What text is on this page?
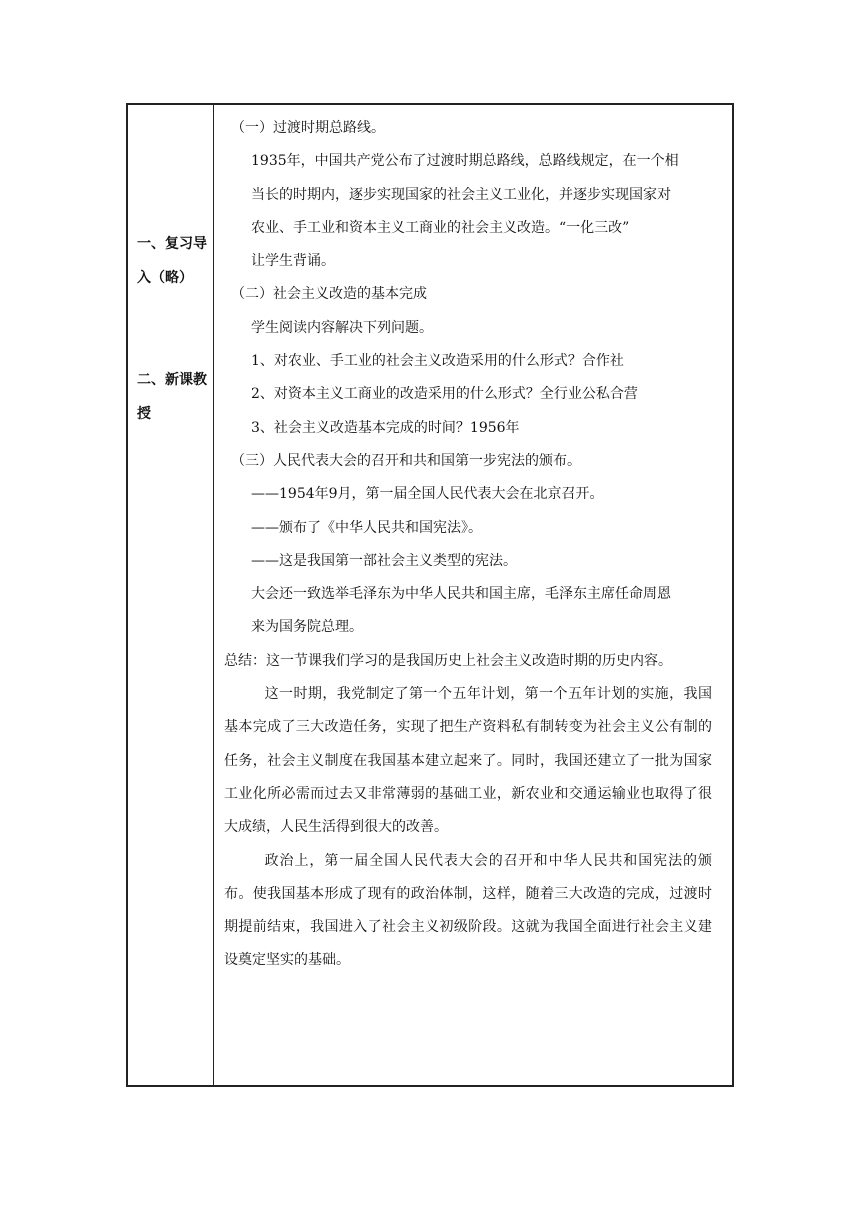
一、复习导入（略）
二、新课教授
（一）过渡时期总路线。
1935年，中国共产党公布了过渡时期总路线，总路线规定，在一个相
当长的时期内，逐步实现国家的社会主义工业化，并逐步实现国家对
农业、手工业和资本主义工商业的社会主义改造。“一化三改”
让学生背诵。
（二）社会主义改造的基本完成
学生阅读内容解决下列问题。
1、对农业、手工业的社会主义改造采用的什么形式？合作社
2、对资本主义工商业的改造采用的什么形式？全行业公私合营
3、社会主义改造基本完成的时间？1956年
（三）人民代表大会的召开和共和国第一步宪法的颁布。
——1954年9月，第一届全国人民代表大会在北京召开。
——颁布了《中华人民共和国宪法》。
——这是我国第一部社会主义类型的宪法。
大会还一致选举毛泽东为中华人民共和国主席，毛泽东主席任命周恩
来为国务院总理。
总结：这一节课我们学习的是我国历史上社会主义改造时期的历史内容。

这一时期，我党制定了第一个五年计划，第一个五年计划的实施，我国基本完成了三大改造任务，实现了把生产资料私有制转变为社会主义公有制的任务，社会主义制度在我国基本建立起来了。同时，我国还建立了一批为国家工业化所必需而过去又非常薄弱的基础工业，新农业和交通运输业也取得了很大成绩，人民生活得到很大的改善。

政治上，第一届全国人民代表大会的召开和中华人民共和国宪法的颁布。使我国基本形成了现有的政治体制，这样，随着三大改造的完成，过渡时期提前结束，我国进入了社会主义初级阶段。这就为我国全面进行社会主义建设奠定坚实的基础。
